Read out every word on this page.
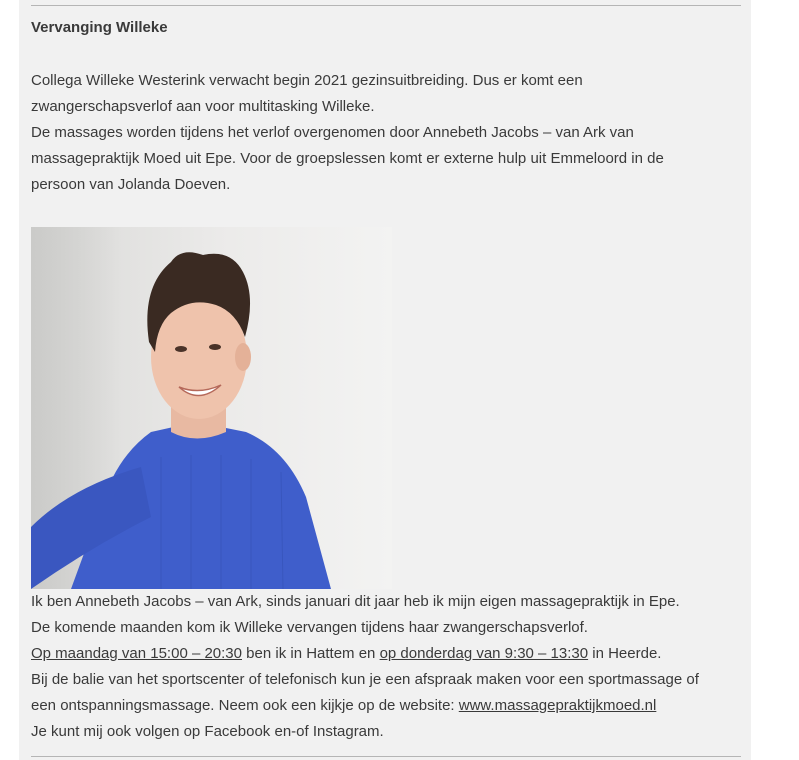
Vervanging Willeke
Collega Willeke Westerink verwacht begin 2021 gezinsuitbreiding. Dus er komt een
zwangerschapsverlof aan voor multitasking Willeke.
De massages worden tijdens het verlof overgenomen door Annebeth Jacobs – van Ark van
massagepraktijk Moed uit Epe. Voor de groepslessen komt er externe hulp uit Emmeloord in de
persoon van Jolanda Doeven.
Ik ben Annebeth Jacobs – van Ark, sinds januari dit jaar heb ik mijn eigen massagepraktijk in Epe.
De komende maanden kom ik Willeke vervangen tijdens haar zwangerschapsverlof.
Op maandag van 15:00 – 20:30 ben ik in Hattem en op donderdag van 9:30 – 13:30 in Heerde.
Bij de balie van het sportscenter of telefonisch kun je een afspraak maken voor een sportmassage of
een ontspanningsmassage. Neem ook een kijkje op de website: www.massagepraktijkmoed.nl
Je kunt mij ook volgen op Facebook en-of Instagram.
